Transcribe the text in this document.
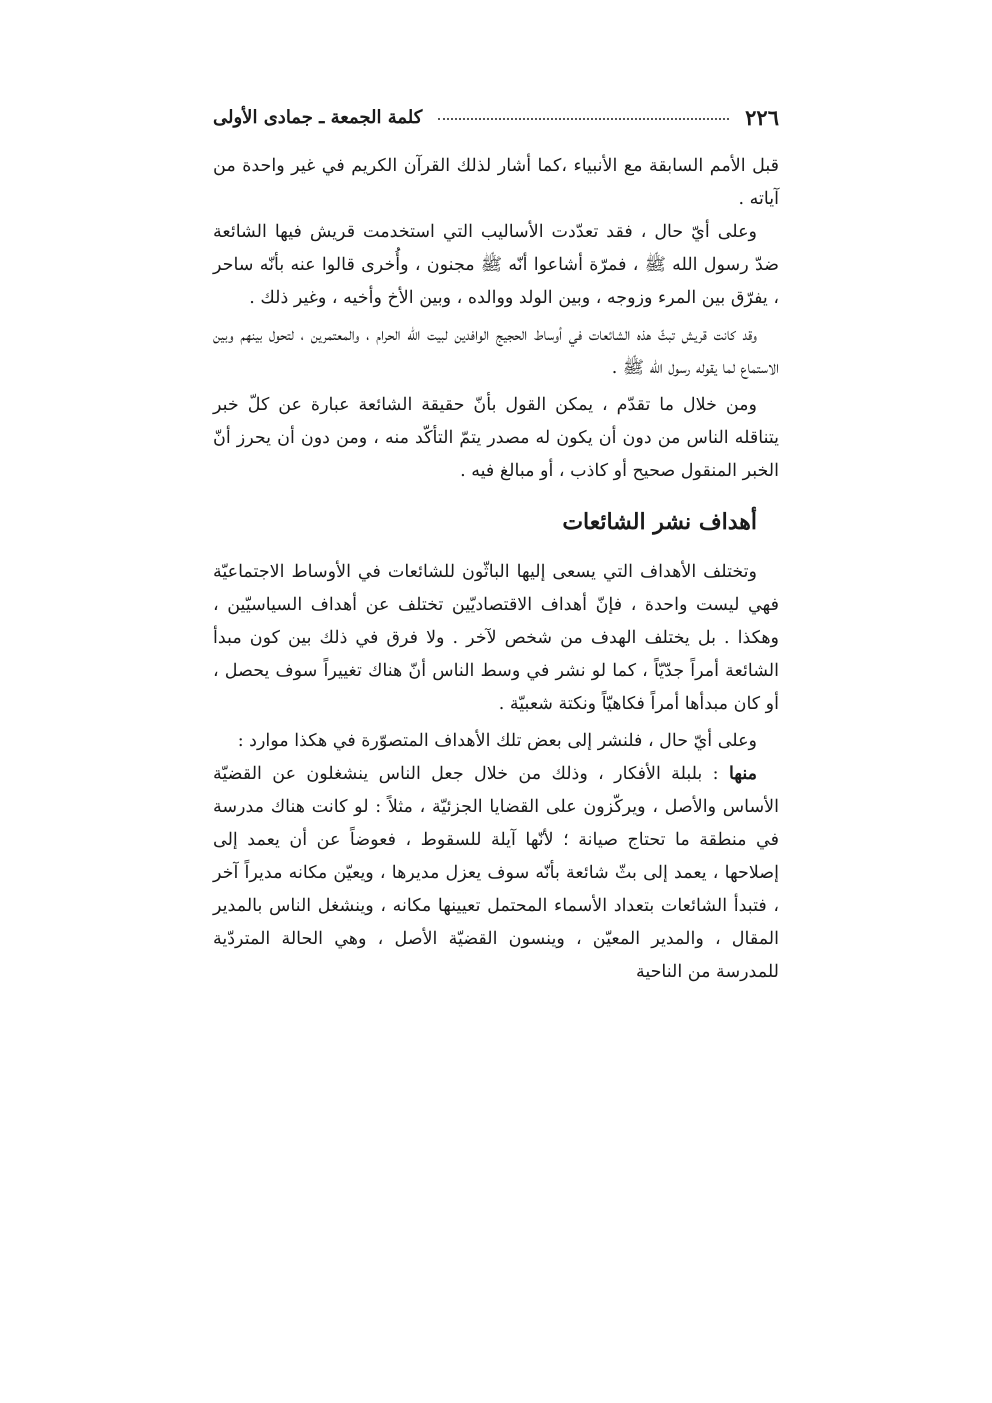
٢٢٦
كلمة الجمعة ـ جمادى الأولى

قبل الأمم السابقة مع الأنبياء ،كما أشار لذلك القرآن الكريم في غير واحدة من آياته .

وعلى أيّ حال ، فقد تعدّدت الأساليب التي استخدمت قريش فيها الشائعة ضدّ رسول الله ﷺ ، فمرّة أشاعوا أنّه ﷺ مجنون ، وأُخرى قالوا عنه بأنّه ساحر ، يفرّق بين المرء وزوجه ، وبين الولد ووالده ، وبين الأخ وأخيه ، وغير ذلك .

وقد كانت قريش تبثّ هذه الشائعات في أوساط الحجيج الوافدين لبيت الله الحرام ، والمعتمرين ، لتحول بينهم وبين الاستماع لما يقوله رسول الله ﷺ .

ومن خلال ما تقدّم ، يمكن القول بأنّ حقيقة الشائعة عبارة عن كلّ خبر يتناقله الناس من دون أن يكون له مصدر يتمّ التأكّد منه ، ومن دون أن يحرز أنّ الخبر المنقول صحيح أو كاذب ، أو مبالغ فيه .

أهداف نشر الشائعات

وتختلف الأهداف التي يسعى إليها الباثّون للشائعات في الأوساط الاجتماعيّة فهي ليست واحدة ، فإنّ أهداف الاقتصاديّين تختلف عن أهداف السياسيّين ، وهكذا . بل يختلف الهدف من شخص لآخر . ولا فرق في ذلك بين كون مبدأ الشائعة أمراً جدّيّاً ، كما لو نشر في وسط الناس أنّ هناك تغييراً سوف يحصل ، أو كان مبدأها أمراً فكاهيّاً ونكتة شعبيّة .

وعلى أيّ حال ، فلنشر إلى بعض تلك الأهداف المتصوّرة في هكذا موارد :

منها : بلبلة الأفكار ، وذلك من خلال جعل الناس ينشغلون عن القضيّة الأساس والأصل ، ويركّزون على القضايا الجزئيّة ، مثلاً : لو كانت هناك مدرسة في منطقة ما تحتاج صيانة ؛ لأنّها آيلة للسقوط ، فعوضاً عن أن يعمد إلى إصلاحها ، يعمد إلى بثّ شائعة بأنّه سوف يعزل مديرها ، ويعيّن مكانه مديراً آخر ، فتبدأ الشائعات بتعداد الأسماء المحتمل تعيينها مكانه ، وينشغل الناس بالمدير المقال ، والمدير المعيّن ، وينسون القضيّة الأصل ، وهي الحالة المتردّية للمدرسة من الناحية
